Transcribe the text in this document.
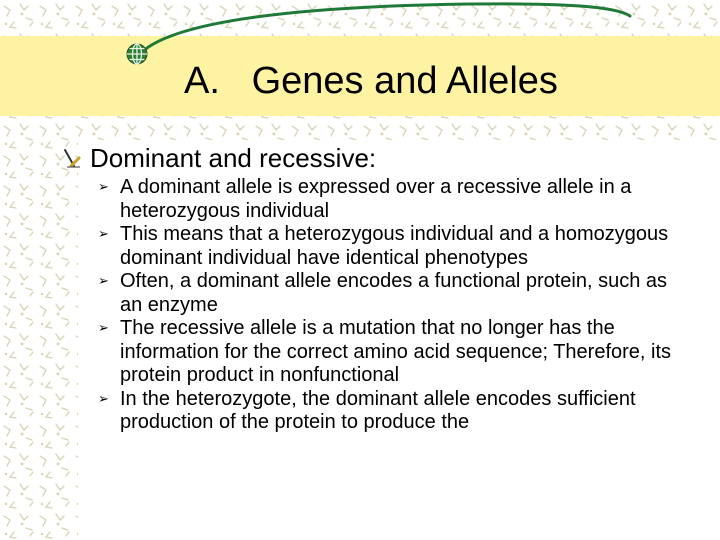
A.   Genes and Alleles
Dominant and recessive:
➢ A dominant allele is expressed over a recessive allele in a heterozygous individual
➢ This means that a heterozygous individual and a homozygous dominant individual have identical phenotypes
➢ Often, a dominant allele encodes a functional protein, such as an enzyme
➢ The recessive allele is a mutation that no longer has the information for the correct amino acid sequence; Therefore, its protein product in nonfunctional
➢ In the heterozygote, the dominant allele encodes sufficient production of the protein to produce the
